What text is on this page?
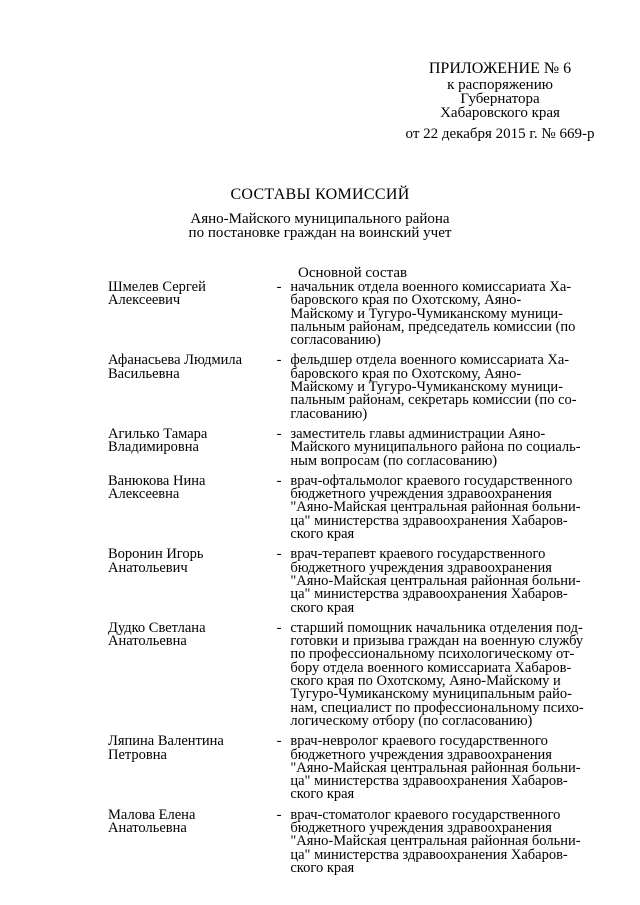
ПРИЛОЖЕНИЕ № 6
к распоряжению
Губернатора
Хабаровского края
от 22 декабря 2015 г. № 669-р
СОСТАВЫ КОМИССИЙ
Аяно-Майского муниципального района
по постановке граждан на воинский учет
Основной состав
Шмелев Сергей
Алексеевич
- начальник отдела военного комиссариата Ха-
баровского края по Охотскому, Аяно-
Майскому и Тугуро-Чумиканскому муници-
пальным районам, председатель комиссии (по
согласованию)
Афанасьева Людмила
Васильевна
- фельдшер отдела военного комиссариата Ха-
баровского края по Охотскому, Аяно-
Майскому и Тугуро-Чумиканскому муници-
пальным районам, секретарь комиссии (по со-
гласованию)
Агилько Тамара
Владимировна
- заместитель главы администрации Аяно-
Майского муниципального района по социаль-
ным вопросам (по согласованию)
Ванюкова Нина
Алексеевна
- врач-офтальмолог краевого государственного
бюджетного учреждения здравоохранения
"Аяно-Майская центральная районная больни-
ца" министерства здравоохранения Хабаров-
ского края
Воронин Игорь
Анатольевич
- врач-терапевт краевого государственного
бюджетного учреждения здравоохранения
"Аяно-Майская центральная районная больни-
ца" министерства здравоохранения Хабаров-
ского края
Дудко Светлана
Анатольевна
- старший помощник начальника отделения под-
готовки и призыва граждан на военную службу
по профессиональному психологическому от-
бору отдела военного комиссариата Хабаров-
ского края по Охотскому, Аяно-Майскому и
Тугуро-Чумиканскому муниципальным райо-
нам, специалист по профессиональному психо-
логическому отбору (по согласованию)
Ляпина Валентина
Петровна
- врач-невролог краевого государственного
бюджетного учреждения здравоохранения
"Аяно-Майская центральная районная больни-
ца" министерства здравоохранения Хабаров-
ского края
Малова Елена
Анатольевна
- врач-стоматолог краевого государственного
бюджетного учреждения здравоохранения
"Аяно-Майская центральная районная больни-
ца" министерства здравоохранения Хабаров-
ского края
